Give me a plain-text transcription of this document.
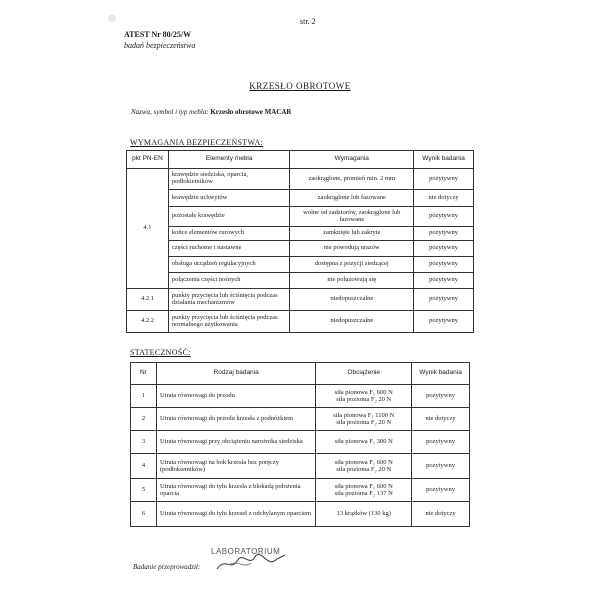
str. 2
ATEST Nr 80/25/W
badań bezpieczeństwa
KRZESŁO OBROTOWE
Nazwa, symbol i typ mebla: Krzesło obrotowe MACAR
WYMAGANIA BEZPIECZEŃSTWA:
pkt PN-EN	Elementy mebla	Wymagania	Wynik badania
4.1	krawędzie siedziska, oparcia, podłokietników	zaokrąglone, promień min. 2 mm	pozytywny
	krawędzie uchwytów	zaokrąglone lub fazowane	nie dotyczy
	pozostałe krawędzie	wolne od zadziorów, zaokrąglone lub fazowane	pozytywny
	końce elementów rurowych	zamknięte lub zakryte	pozytywny
	części ruchome i nastawne	nie powodują urazów	pozytywny
	obsługa urządzeń regulacyjnych	dostępna z pozycji siedzącej	pozytywny
	połączenia części nośnych	nie poluzowują się	pozytywny
4.2.1	punkty przycięcia lub ściśnięcia podczas działania mechanizmów	niedopuszczalne	pozytywny
4.2.2	punkty przycięcia lub ściśnięcia podczas normalnego użytkowania	niedopuszczalne	pozytywny
STATECZNOŚĆ:
Nr	Rodzaj badania	Obciążenie	Wynik badania
1	Utrata równowagi do przodu	siła pionowa F₁ 600 N
siła pozioma F₂ 20 N	pozytywny
2	Utrata równowagi do przodu krzesła z podnóżkiem	siła pionowa F₁ 1100 N
siła pozioma F₂ 20 N	nie dotyczy
3	Utrata równowagi przy obciążeniu narożnika siedziska	siła pionowa F₁ 300 N	pozytywny
4	Utrata równowagi na bok krzesła bez poręczy (podłokietników)	siła pionowa F₁ 600 N
siła pozioma F₂ 20 N	pozytywny
5	Utrata równowagi do tyłu krzesła z blokadą położenia oparcia	siła pionowa F₁ 600 N
siła pozioma F₂ 137 N	pozytywny
6	Utrata równowagi do tyłu krzeseł z odchylanym oparciem	13 krążków (130 kg)	nie dotyczy
Badanie przeprowadził:
LABORATORIUM
